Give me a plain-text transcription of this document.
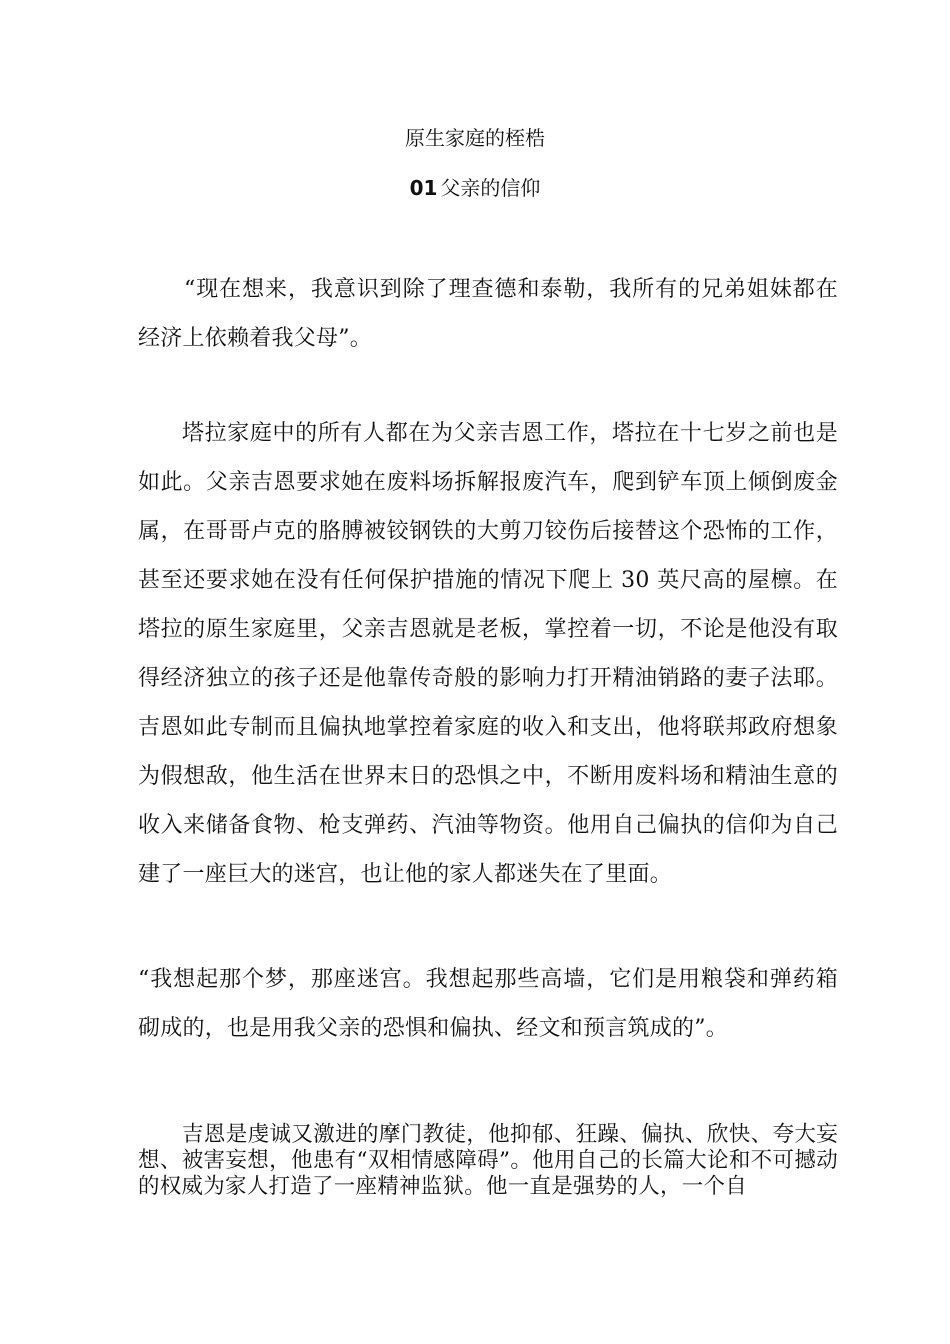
原生家庭的桎梏
01 父亲的信仰

“现在想来，我意识到除了理查德和泰勒，我所有的兄弟姐妹都在经济上依赖着我父母”。

塔拉家庭中的所有人都在为父亲吉恩工作，塔拉在十七岁之前也是如此。父亲吉恩要求她在废料场拆解报废汽车，爬到铲车顶上倾倒废金属，在哥哥卢克的胳膊被铰钢铁的大剪刀铰伤后接替这个恐怖的工作，甚至还要求她在没有任何保护措施的情况下爬上 30 英尺高的屋檩。在塔拉的原生家庭里，父亲吉恩就是老板，掌控着一切，不论是他没有取得经济独立的孩子还是他靠传奇般的影响力打开精油销路的妻子法耶。吉恩如此专制而且偏执地掌控着家庭的收入和支出，他将联邦政府想象为假想敌，他生活在世界末日的恐惧之中，不断用废料场和精油生意的收入来储备食物、枪支弹药、汽油等物资。他用自己偏执的信仰为自己建了一座巨大的迷宫，也让他的家人都迷失在了里面。

“我想起那个梦，那座迷宫。我想起那些高墙，它们是用粮袋和弹药箱砌成的，也是用我父亲的恐惧和偏执、经文和预言筑成的”。

吉恩是虔诚又激进的摩门教徒，他抑郁、狂躁、偏执、欣快、夸大妄想、被害妄想，他患有“双相情感障碍”。他用自己的长篇大论和不可撼动的权威为家人打造了一座精神监狱。他一直是强势的人，一个自
